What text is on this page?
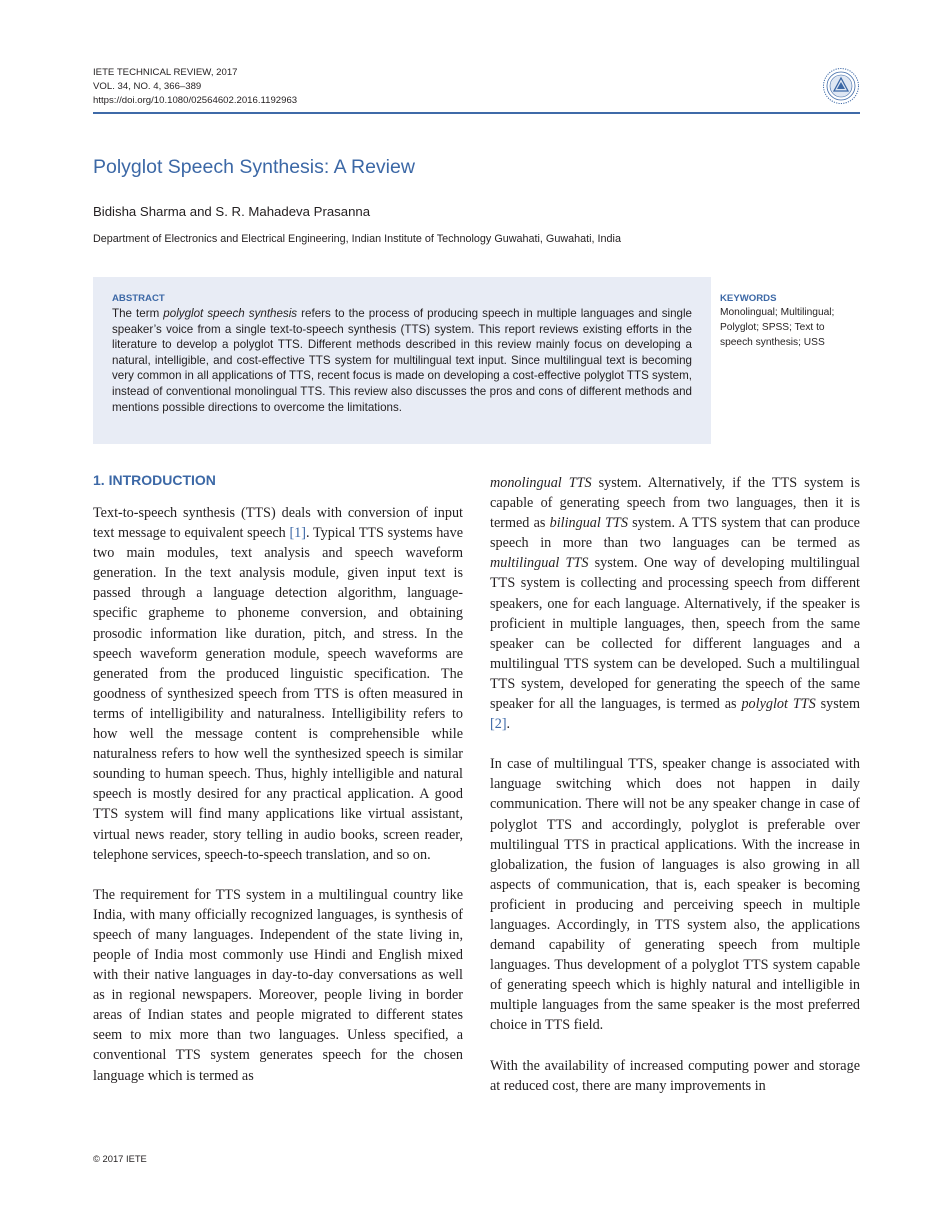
IETE TECHNICAL REVIEW, 2017
VOL. 34, NO. 4, 366–389
https://doi.org/10.1080/02564602.2016.1192963
Polyglot Speech Synthesis: A Review
Bidisha Sharma and S. R. Mahadeva Prasanna
Department of Electronics and Electrical Engineering, Indian Institute of Technology Guwahati, Guwahati, India
ABSTRACT
The term polyglot speech synthesis refers to the process of producing speech in multiple languages and single speaker’s voice from a single text-to-speech synthesis (TTS) system. This report reviews existing efforts in the literature to develop a polyglot TTS. Different methods described in this review mainly focus on developing a natural, intelligible, and cost-effective TTS system for multilingual text input. Since multilingual text is becoming very common in all applications of TTS, recent focus is made on developing a cost-effective polyglot TTS system, instead of conventional monolingual TTS. This review also discusses the pros and cons of different methods and mentions possible directions to overcome the limitations.
KEYWORDS
Monolingual; Multilingual; Polyglot; SPSS; Text to speech synthesis; USS
1. INTRODUCTION

Text-to-speech synthesis (TTS) deals with conversion of input text message to equivalent speech [1]. Typical TTS systems have two main modules, text analysis and speech waveform generation. In the text analysis module, given input text is passed through a language detection algorithm, language-specific grapheme to phoneme conversion, and obtaining prosodic information like duration, pitch, and stress. In the speech waveform generation module, speech waveforms are generated from the produced linguistic specification. The goodness of synthesized speech from TTS is often measured in terms of intelligibility and naturalness. Intelligibility refers to how well the message content is comprehensible while naturalness refers to how well the synthesized speech is similar sounding to human speech. Thus, highly intelligible and natural speech is mostly desired for any practical application. A good TTS system will find many applications like virtual assistant, virtual news reader, story telling in audio books, screen reader, telephone services, speech-to-speech translation, and so on.

The requirement for TTS system in a multilingual country like India, with many officially recognized languages, is synthesis of speech of many languages. Independent of the state living in, people of India most commonly use Hindi and English mixed with their native languages in day-to-day conversations as well as in regional newspapers. Moreover, people living in border areas of Indian states and people migrated to different states seem to mix more than two languages. Unless specified, a conventional TTS system generates speech for the chosen language which is termed as

monolingual TTS system. Alternatively, if the TTS system is capable of generating speech from two languages, then it is termed as bilingual TTS system. A TTS system that can produce speech in more than two languages can be termed as multilingual TTS system. One way of developing multilingual TTS system is collecting and processing speech from different speakers, one for each language. Alternatively, if the speaker is proficient in multiple languages, then, speech from the same speaker can be collected for different languages and a multilingual TTS system can be developed. Such a multilingual TTS system, developed for generating the speech of the same speaker for all the languages, is termed as polyglot TTS system [2].

In case of multilingual TTS, speaker change is associated with language switching which does not happen in daily communication. There will not be any speaker change in case of polyglot TTS and accordingly, polyglot is preferable over multilingual TTS in practical applications. With the increase in globalization, the fusion of languages is also growing in all aspects of communication, that is, each speaker is becoming proficient in producing and perceiving speech in multiple languages. Accordingly, in TTS system also, the applications demand capability of generating speech from multiple languages. Thus development of a polyglot TTS system capable of generating speech which is highly natural and intelligible in multiple languages from the same speaker is the most preferred choice in TTS field.

With the availability of increased computing power and storage at reduced cost, there are many improvements in

© 2017 IETE
